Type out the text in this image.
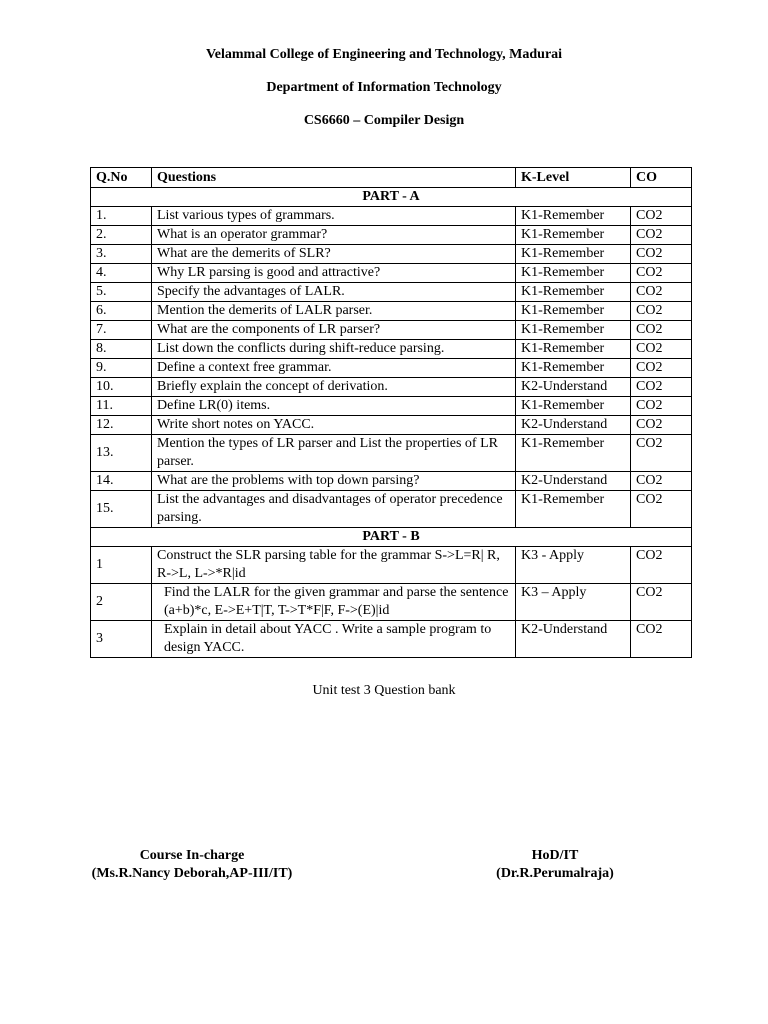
Velammal College of Engineering and Technology, Madurai
Department of Information Technology
CS6660 – Compiler Design
Q.No	Questions	K-Level	CO
PART - A			
1.	List various types of grammars.	K1-Remember	CO2
2.	What is an operator grammar?	K1-Remember	CO2
3.	What are the demerits of SLR?	K1-Remember	CO2
4.	Why LR parsing is good and attractive?	K1-Remember	CO2
5.	Specify the advantages of LALR.	K1-Remember	CO2
6.	Mention the demerits of LALR parser.	K1-Remember	CO2
7.	What are the components of LR parser?	K1-Remember	CO2
8.	List down the conflicts during shift-reduce parsing.	K1-Remember	CO2
9.	Define a context free grammar.	K1-Remember	CO2
10.	Briefly explain the concept of derivation.	K2-Understand	CO2
11.	Define LR(0) items.	K1-Remember	CO2
12.	Write short notes on YACC.	K2-Understand	CO2
13.	Mention the types of LR parser and List the properties of LR parser.	K1-Remember	CO2
14.	What are the problems with top down parsing?	K2-Understand	CO2
15.	List the advantages and disadvantages of operator precedence parsing.	K1-Remember	CO2
PART - B			
1	Construct the SLR parsing table for the grammar S->L=R| R, R->L, L->*R|id	K3 - Apply	CO2
2	Find the LALR for the given grammar and parse the sentence (a+b)*c, E->E+T|T, T->T*F|F, F->(E)|id	K3 – Apply	CO2
3	Explain in detail about YACC . Write a sample program to design YACC.	K2-Understand	CO2
Unit test 3 Question bank
Course In-charge
(Ms.R.Nancy Deborah,AP-III/IT)
HoD/IT
(Dr.R.Perumalraja)
